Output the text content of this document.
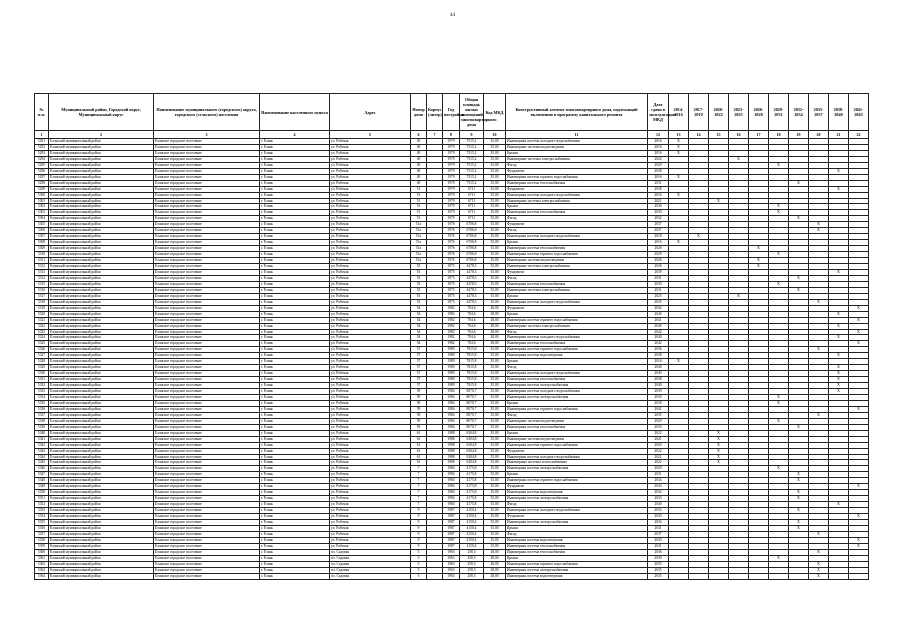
44
№ п.п.	Муниципальный район, Городской округ, Муниципальный округ	Наименование муниципального (городского) округа, городского (сельского) поселения	Наименование населенного пункта	Адрес	Номер дома	Корпус (литер)	Год постройки	Общая площадь жилых помещений многоквартирного дома	Код МКД	Конструктивный элемент многоквартирного дома, подлежащий включению в программу капитального ремонта	Дата сдачи в эксплуатацию МКД	2014-2016	2017-2019	2020-2022	2023-2025	2026-2028	2029-2031	2032-2034	2035-2037	2038-2040	2041-2043
1	2	3	4	5	6	7	8	9	10	11	12	13	14	15	16	17	18	19	20	21	22
5291	Еланский муниципальный район	Еланское городское поселение	г. Елань	ул. Рабочая	49		1979	7515,2	35,00	Инженерная система холодного водоснабжения	2016	X									
5292	Еланский муниципальный район	Еланское городское поселение	г. Елань	ул. Рабочая	49		1979	7515,2	35,00	Инженерные системы водоотведения	2016	X									
5293	Еланский муниципальный район	Еланское городское поселение	г. Елань	ул. Рабочая	49		1979	7515,2	35,00	Крыша	2016	X									
5294	Еланский муниципальный район	Еланское городское поселение	г. Елань	ул. Рабочая	49		1979	7515,2	35,00	Инженерные системы электроснабжения	2024				X						
5295	Еланский муниципальный район	Еланское городское поселение	г. Елань	ул. Рабочая	49		1979	7515,2	35,00	Фасад	2029						X				
5296	Еланский муниципальный район	Еланское городское поселение	г. Елань	ул. Рабочая	49		1979	7515,2	35,00	Фундамент	2038									X	
5297	Еланский муниципальный район	Еланское городское поселение	г. Елань	ул. Рабочая	49		1979	7515,2	35,00	Инженерная система горячего водоснабжения	2016	X									
5298	Еланский муниципальный район	Еланское городское поселение	г. Елань	ул. Рабочая	49		1979	7515,2	35,00	Инженерная система теплоснабжения	2031							X			
5299	Еланский муниципальный район	Еланское городское поселение	г. Елань	ул. Рабочая	51		1979	6711	35,00	Фундамент	2038									X	
5300	Еланский муниципальный район	Еланское городское поселение	г. Елань	ул. Рабочая	51		1979	6711	35,00	Инженерная система холодного водоснабжения	2016	X									
5301	Еланский муниципальный район	Еланское городское поселение	г. Елань	ул. Рабочая	51		1979	6711	35,00	Инженерные системы электроснабжения	2021			X							
5302	Еланский муниципальный район	Еланское городское поселение	г. Елань	ул. Рабочая	51		1979	6711	35,00	Крыша	2030						X				
5303	Еланский муниципальный район	Еланское городское поселение	г. Елань	ул. Рабочая	51		1979	6711	35,00	Инженерная система теплоснабжения	2030						X				
5304	Еланский муниципальный район	Еланское городское поселение	г. Елань	ул. Рабочая	51		1979	6711	35,00	Фасад	2032							X			
5305	Еланский муниципальный район	Еланское городское поселение	г. Елань	ул. Рабочая	51а		1976	6706,8	35,00	Фундамент	2037								X		
5306	Еланский муниципальный район	Еланское городское поселение	г. Елань	ул. Рабочая	51а		1976	6706,8	35,00	Фасад	2037								X		
5307	Еланский муниципальный район	Еланское городское поселение	г. Елань	ул. Рабочая	51а		1976	6706,8	35,00	Инженерная система холодного водоснабжения	2018		X								
5308	Еланский муниципальный район	Еланское городское поселение	г. Елань	ул. Рабочая	51а		1976	6706,8	35,00	Крыша	2016	X									
5309	Еланский муниципальный район	Еланское городское поселение	г. Елань	ул. Рабочая	51а		1976	6706,8	35,00	Инженерная система теплоснабжения	2026					X					
5310	Еланский муниципальный район	Еланское городское поселение	г. Елань	ул. Рабочая	51а		1976	6706,8	35,00	Инженерная система горячего водоснабжения	2029						X				
5311	Еланский муниципальный район	Еланское городское поселение	г. Елань	ул. Рабочая	51а		1976	6706,8	35,00	Инженерные системы водоотведения	2026					X					
5312	Еланский муниципальный район	Еланское городское поселение	г. Елань	ул. Рабочая	53		1975	4478,3	35,00	Инженерные системы электроснабжения	2026					X					
5313	Еланский муниципальный район	Еланское городское поселение	г. Елань	ул. Рабочая	53		1975	4478,3	35,00	Фундамент	2039									X	
5314	Еланский муниципальный район	Еланское городское поселение	г. Елань	ул. Рабочая	53		1975	4478,3	35,00	Фасад	2031							X			
5315	Еланский муниципальный район	Еланское городское поселение	г. Елань	ул. Рабочая	53		1975	4478,3	35,00	Инженерная система теплоснабжения	2030						X				
5316	Еланский муниципальный район	Еланское городское поселение	г. Елань	ул. Рабочая	53		1975	4478,3	35,00	Инженерные системы электроснабжения	2031							X			
5317	Еланский муниципальный район	Еланское городское поселение	г. Елань	ул. Рабочая	53		1975	4478,3	35,00	Крыша	2025				X						
5318	Еланский муниципальный район	Еланское городское поселение	г. Елань	ул. Рабочая	53		1975	4478,3	35,00	Инженерная система холодного водоснабжения	2035								X		
5319	Еланский муниципальный район	Еланское городское поселение	г. Елань	ул. Рабочая	54		1982	704,6	28,00	Фундамент	2042										X
5320	Еланский муниципальный район	Еланское городское поселение	г. Елань	ул. Рабочая	54		1982	704,6	28,00	Крыша	2040									X	
5321	Еланский муниципальный район	Еланское городское поселение	г. Елань	ул. Рабочая	54		1982	704,6	28,00	Инженерная система горячего водоснабжения	2041										X
5322	Еланский муниципальный район	Еланское городское поселение	г. Елань	ул. Рабочая	54		1982	704,6	28,00	Инженерные системы электроснабжения	2040									X	
5323	Еланский муниципальный район	Еланское городское поселение	г. Елань	ул. Рабочая	54		1982	704,6	28,00	Фасад	2042										X
5324	Еланский муниципальный район	Еланское городское поселение	г. Елань	ул. Рабочая	54		1982	704,6	28,00	Инженерная система холодного водоснабжения	2040									X	
5325	Еланский муниципальный район	Еланское городское поселение	г. Елань	ул. Рабочая	54		1982	704,6	28,00	Инженерная система теплоснабжения	2042										X
5326	Еланский муниципальный район	Еланское городское поселение	г. Елань	ул. Рабочая	57		1989	7815,8	35,00	Инженерная система горячего водоснабжения	2036								X		
5327	Еланский муниципальный район	Еланское городское поселение	г. Елань	ул. Рабочая	57		1989	7815,8	35,00	Инженерная система водоотведения	2038									X	
5328	Еланский муниципальный район	Еланское городское поселение	г. Елань	ул. Рабочая	57		1989	7815,8	35,00	Крыша	2016	X									
5329	Еланский муниципальный район	Еланское городское поселение	г. Елань	ул. Рабочая	57		1989	7815,8	35,00	Фасад	2040									X	
5330	Еланский муниципальный район	Еланское городское поселение	г. Елань	ул. Рабочая	57		1989	7815,8	35,00	Инженерная система холодного водоснабжения	2040									X	
5331	Еланский муниципальный район	Еланское городское поселение	г. Елань	ул. Рабочая	57		1989	7815,8	35,00	Инженерная система теплоснабжения	2038									X	
5332	Еланский муниципальный район	Еланское городское поселение	г. Елань	ул. Рабочая	57		1989	7815,8	35,00	Инженерная система электроснабжения	2040									X	
5333	Еланский муниципальный район	Еланское городское поселение	г. Елань	ул. Рабочая	59		1984	8070,7	35,00	Инженерная система холодного водоснабжения	2039									X	
5334	Еланский муниципальный район	Еланское городское поселение	г. Елань	ул. Рабочая	59		1984	8070,7	35,00	Инженерная система электроснабжения	2030						X				
5335	Еланский муниципальный район	Еланское городское поселение	г. Елань	ул. Рабочая	59		1984	8070,7	35,00	Крыша	2030						X				
5336	Еланский муниципальный район	Еланское городское поселение	г. Елань	ул. Рабочая	59		1984	8070,7	35,00	Инженерная система горячего водоснабжения	2041										X
5337	Еланский муниципальный район	Еланское городское поселение	г. Елань	ул. Рабочая	59		1984	8070,7	35,00	Фасад	2035								X		
5338	Еланский муниципальный район	Еланское городское поселение	г. Елань	ул. Рабочая	59		1984	8070,7	35,00	Инженерные системы водоотведения	2029						X				
5339	Еланский муниципальный район	Еланское городское поселение	г. Елань	ул. Рабочая	59		1984	8070,7	35,00	Инженерная система теплоснабжения	2033							X			
5340	Еланский муниципальный район	Еланское городское поселение	г. Елань	ул. Рабочая	61		1988	6304,8	35,00	Крыша	2022			X							
5341	Еланский муниципальный район	Еланское городское поселение	г. Елань	ул. Рабочая	61		1988	6304,8	35,00	Инженерные системы водоотведения	2021			X							
5342	Еланский муниципальный район	Еланское городское поселение	г. Елань	ул. Рабочая	61		1988	6304,8	35,00	Инженерная система горячего водоснабжения	2020			X							
5343	Еланский муниципальный район	Еланское городское поселение	г. Елань	ул. Рабочая	61		1988	6304,8	35,00	Фундамент	2022			X							
5344	Еланский муниципальный район	Еланское городское поселение	г. Елань	ул. Рабочая	61		1988	6304,8	35,00	Инженерная система холодного водоснабжения	2021			X							
5345	Еланский муниципальный район	Еланское городское поселение	г. Елань	ул. Рабочая	61		1988	6304,8	35,00	Инженерные системы теплоснабжения	2022			X							
5346	Еланский муниципальный район	Еланское городское поселение	г. Елань	ул. Рабочая	7		1984	4175,8	35,00	Инженерная система электроснабжения	2029						X				
5347	Еланский муниципальный район	Еланское городское поселение	г. Елань	ул. Рабочая	7		1984	4175,8	35,00	Крыша	2031							X			
5348	Еланский муниципальный район	Еланское городское поселение	г. Елань	ул. Рабочая	7		1984	4175,8	35,00	Инженерная система горячего водоснабжения	2034							X			
5349	Еланский муниципальный район	Еланское городское поселение	г. Елань	ул. Рабочая	7		1984	4175,8	35,00	Фундамент	2043										X
5350	Еланский муниципальный район	Еланское городское поселение	г. Елань	ул. Рабочая	7		1984	4175,8	35,00	Инженерная система водоотведения	2034							X			
5351	Еланский муниципальный район	Еланское городское поселение	г. Елань	ул. Рабочая	7		1984	4175,8	35,00	Инженерная система электроснабжения	2033							X			
5352	Еланский муниципальный район	Еланское городское поселение	г. Елань	ул. Рабочая	7		1984	4175,8	35,00	Фасад	2040									X	
5353	Еланский муниципальный район	Еланское городское поселение	г. Елань	ул. Рабочая	9		1987	4150,4	35,00	Инженерная система холодного водоснабжения	2033							X			
5354	Еланский муниципальный район	Еланское городское поселение	г. Елань	ул. Рабочая	9		1987	4150,4	35,00	Фундамент	2043										X
5355	Еланский муниципальный район	Еланское городское поселение	г. Елань	ул. Рабочая	9		1987	4150,4	35,00	Инженерная система электроснабжения	2034							X			
5356	Еланский муниципальный район	Еланское городское поселение	г. Елань	ул. Рабочая	9		1987	4150,4	35,00	Крыша	2031							X			
5357	Еланский муниципальный район	Еланское городское поселение	г. Елань	ул. Рабочая	9		1987	4150,4	35,00	Фасад	2037								X		
5358	Еланский муниципальный район	Еланское городское поселение	г. Елань	ул. Рабочая	9		1987	4150,4	35,00	Инженерная система водоотведения	2043										X
5359	Еланский муниципальный район	Еланское городское поселение	г. Елань	ул. Рабочая	9		1987	4150,4	35,00	Инженерная система теплоснабжения	2041										X
5360	Еланский муниципальный район	Еланское городское поселение	г. Елань	пл. Садовая	5		1963	258,5	28,00	Инженерная система теплоснабжения	2036								X		
5361	Еланский муниципальный район	Еланское городское поселение	г. Елань	пл. Садовая	5		1963	258,5	28,00	Крыша	2030						X				
5362	Еланский муниципальный район	Еланское городское поселение	г. Елань	пл. Садовая	5		1963	258,5	28,00	Инженерная система горячего водоснабжения	2035								X		
5363	Еланский муниципальный район	Еланское городское поселение	г. Елань	пл. Садовая	5		1963	258,5	28,00	Инженерная система электроснабжения	2035								X		
5364	Еланский муниципальный район	Еланское городское поселение	г. Елань	пл. Садовая	5		1963	258,5	28,00	Инженерная система водоотведения	2035								X		
